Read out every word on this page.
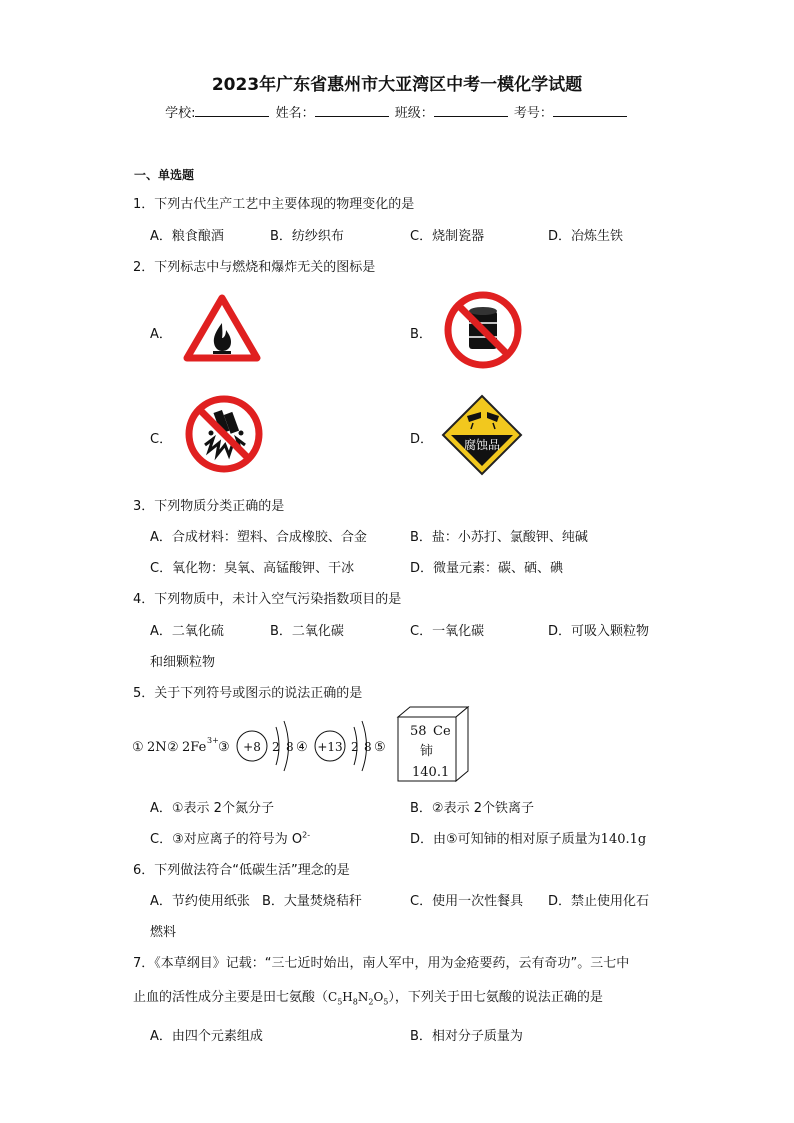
2023年广东省惠州市大亚湾区中考一模化学试题
学校:	姓名：	班级：	考号：
一、单选题
1．下列古代生产工艺中主要体现的物理变化的是
A．粮食酿酒	B．纺纱织布	C．烧制瓷器	D．冶炼生铁
2．下列标志中与燃烧和爆炸无关的图标是
A．	B．
C．	D．	腐蚀品
3．下列物质分类正确的是
A．合成材料：塑料、合成橡胶、合金	B．盐：小苏打、氯酸钾、纯碱
C．氧化物：臭氧、高锰酸钾、干冰	D．微量元素：碳、硒、碘
4．下列物质中，未计入空气污染指数项目的是
A．二氧化硫	B．二氧化碳	C．一氧化碳	D．可吸入颗粒物
和细颗粒物
5．关于下列符号或图示的说法正确的是
① 2N ② 2Fe 3+ ③ +8 2 8 ④ +13 2 8 ⑤
58 Ce
铈
140.1
A．①表示 2个氮分子	B．②表示 2个铁离子
C．③对应离子的符号为 $O^{2-}$	D．由⑤可知铈的相对原子质量为140.1g
6．下列做法符合“低碳生活”理念的是
A．节约使用纸张 B．大量焚烧秸秆	C．使用一次性餐具 D．禁止使用化石
燃料
7．《本草纲目》记载：“三七近时始出，南人军中，用为金疮要药，云有奇功”。三七中
止血的活性成分主要是田七氨酸$(C_5H_8N_2O_5)$，下列关于田七氨酸的说法正确的是
A．由四个元素组成	B．相对分子质量为
